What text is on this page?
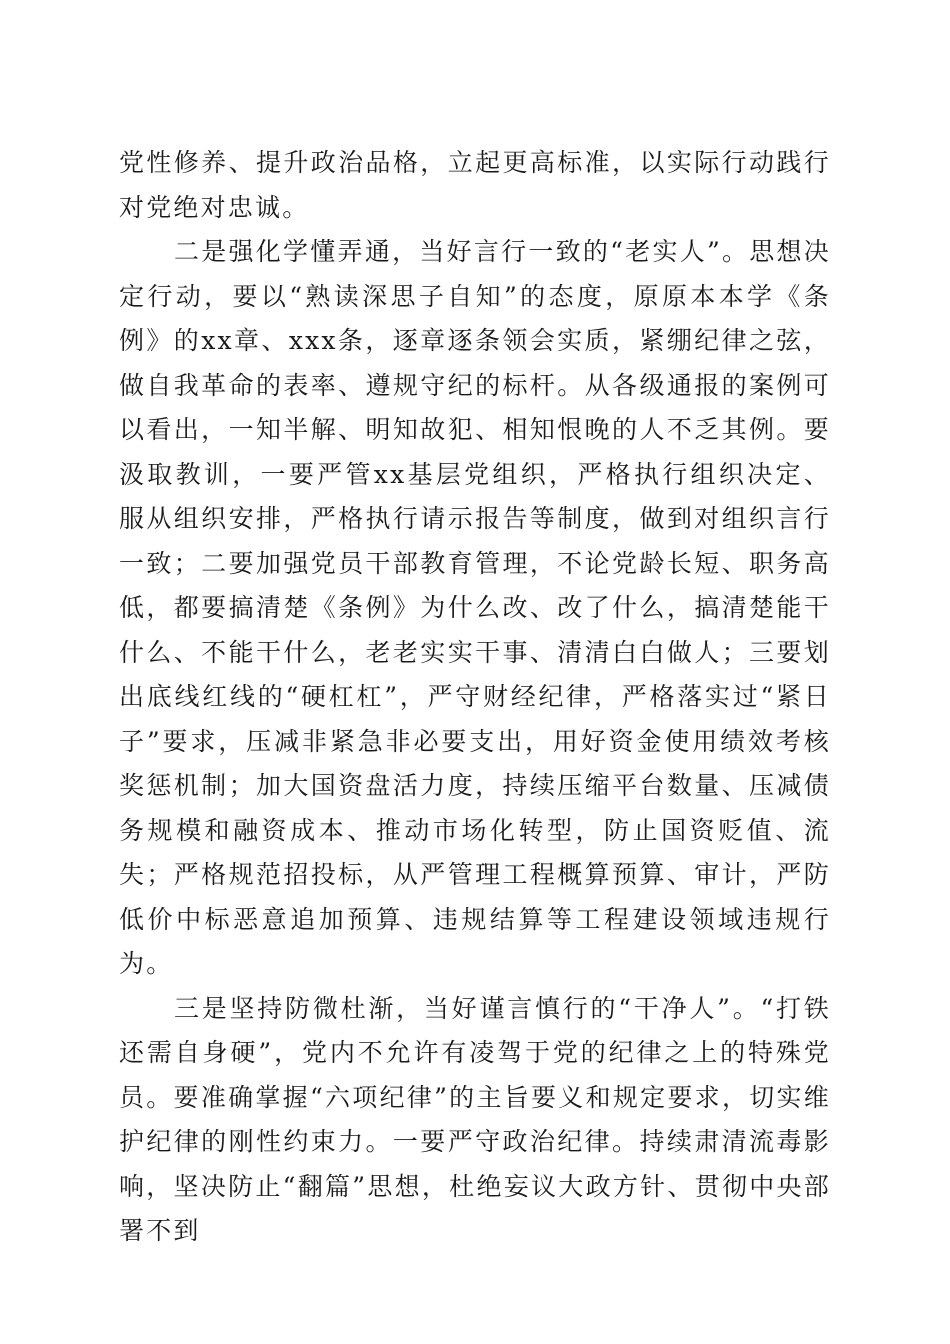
党性修养、提升政治品格，立起更高标准，以实际行动践行对党绝对忠诚。

二是强化学懂弄通，当好言行一致的“老实人”。思想决定行动，要以“熟读深思子自知”的态度，原原本本学《条例》的xx章、xxx条，逐章逐条领会实质，紧绷纪律之弦，做自我革命的表率、遵规守纪的标杆。从各级通报的案例可以看出，一知半解、明知故犯、相知恨晚的人不乏其例。要汲取教训，一要严管xx基层党组织，严格执行组织决定、服从组织安排，严格执行请示报告等制度，做到对组织言行一致；二要加强党员干部教育管理，不论党龄长短、职务高低，都要搞清楚《条例》为什么改、改了什么，搞清楚能干什么、不能干什么，老老实实干事、清清白白做人；三要划出底线红线的“硬杠杠”，严守财经纪律，严格落实过“紧日子”要求，压减非紧急非必要支出，用好资金使用绩效考核奖惩机制；加大国资盘活力度，持续压缩平台数量、压减债务规模和融资成本、推动市场化转型，防止国资贬值、流失；严格规范招投标，从严管理工程概算预算、审计，严防低价中标恶意追加预算、违规结算等工程建设领域违规行为。

三是坚持防微杜渐，当好谨言慎行的“干净人”。“打铁还需自身硬”，党内不允许有凌驾于党的纪律之上的特殊党员。要准确掌握“六项纪律”的主旨要义和规定要求，切实维护纪律的刚性约束力。一要严守政治纪律。持续肃清流毒影响，坚决防止“翻篇”思想，杜绝妄议大政方针、贯彻中央部署不到
